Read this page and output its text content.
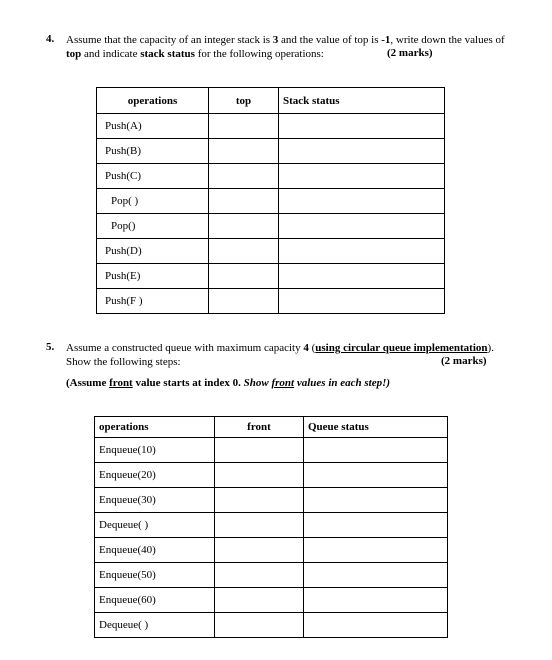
4. Assume that the capacity of an integer stack is 3 and the value of top is -1, write down the values of
top and indicate stack status for the following operations:	(2 marks)
operations	top	Stack status
Push(A)		
Push(B)		
Push(C)		
Pop( )		
Pop()		
Push(D)		
Push(E)		
Push(F )		
5. Assume a constructed queue with maximum capacity 4 (using circular queue implementation).
Show the following steps:	(2 marks)
(Assume front value starts at index 0. Show front values in each step!)
operations	front	Queue status
Enqueue(10)		
Enqueue(20)		
Enqueue(30)		
Dequeue( )		
Enqueue(40)		
Enqueue(50)		
Enqueue(60)		
Dequeue( )		
